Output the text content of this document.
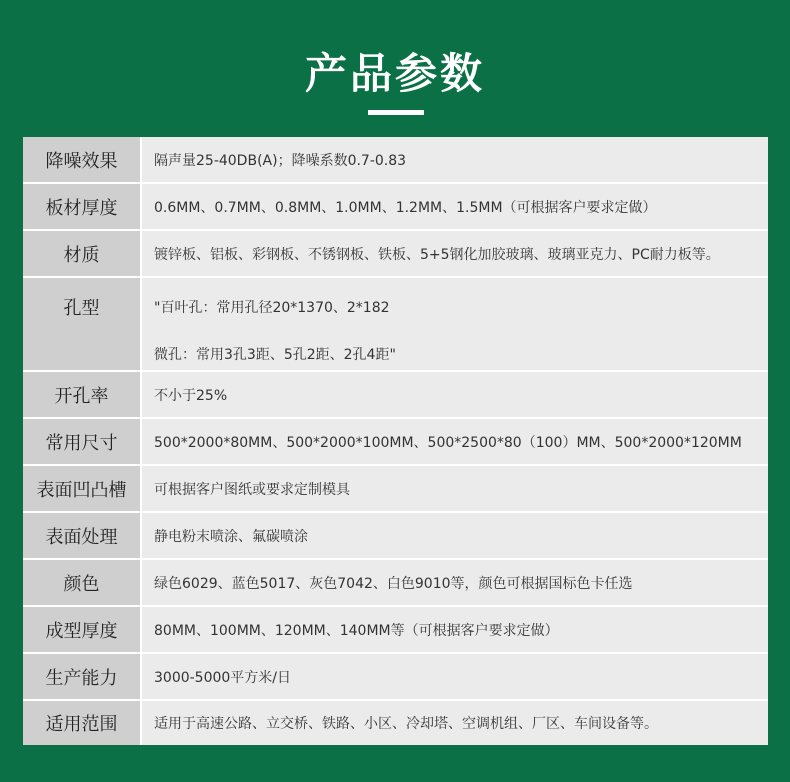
产品参数
降噪效果	隔声量25-40DB(A)；降噪系数0.7-0.83
板材厚度	0.6MM、0.7MM、0.8MM、1.0MM、1.2MM、1.5MM（可根据客户要求定做）
材质	镀锌板、铝板、彩钢板、不锈钢板、铁板、5+5钢化加胶玻璃、玻璃亚克力、PC耐力板等。
孔型	"百叶孔：常用孔径20*1370、2*182
微孔：常用3孔3距、5孔2距、2孔4距"
开孔率	不小于25%
常用尺寸	500*2000*80MM、500*2000*100MM、500*2500*80（100）MM、500*2000*120MM
表面凹凸槽	可根据客户图纸或要求定制模具
表面处理	静电粉末喷涂、氟碳喷涂
颜色	绿色6029、蓝色5017、灰色7042、白色9010等，颜色可根据国标色卡任选
成型厚度	80MM、100MM、120MM、140MM等（可根据客户要求定做）
生产能力	3000-5000平方米/日
适用范围	适用于高速公路、立交桥、铁路、小区、冷却塔、空调机组、厂区、车间设备等。
